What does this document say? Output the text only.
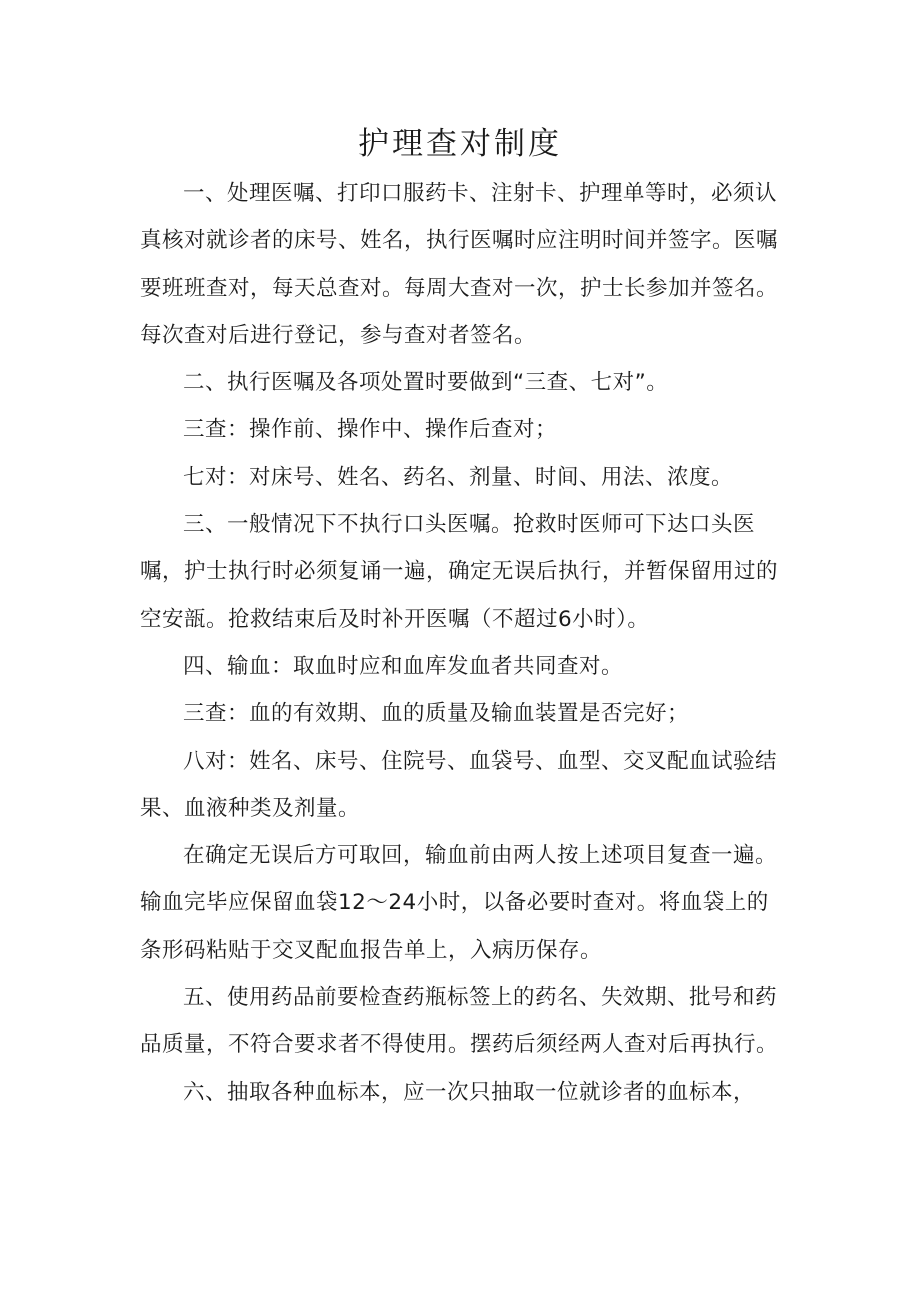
护理查对制度

一、处理医嘱、打印口服药卡、注射卡、护理单等时，必须认真核对就诊者的床号、姓名，执行医嘱时应注明时间并签字。医嘱要班班查对，每天总查对。每周大查对一次，护士长参加并签名。每次查对后进行登记，参与查对者签名。

二、执行医嘱及各项处置时要做到“三查、七对”。

三查：操作前、操作中、操作后查对；

七对：对床号、姓名、药名、剂量、时间、用法、浓度。

三、一般情况下不执行口头医嘱。抢救时医师可下达口头医嘱，护士执行时必须复诵一遍，确定无误后执行，并暂保留用过的空安瓿。抢救结束后及时补开医嘱（不超过6小时）。

四、输血：取血时应和血库发血者共同查对。

三查：血的有效期、血的质量及输血装置是否完好；

八对：姓名、床号、住院号、血袋号、血型、交叉配血试验结果、血液种类及剂量。

在确定无误后方可取回，输血前由两人按上述项目复查一遍。输血完毕应保留血袋12〜24小时，以备必要时查对。将血袋上的条形码粘贴于交叉配血报告单上，入病历保存。

五、使用药品前要检查药瓶标签上的药名、失效期、批号和药品质量，不符合要求者不得使用。摆药后须经两人查对后再执行。

六、抽取各种血标本，应一次只抽取一位就诊者的血标本，
